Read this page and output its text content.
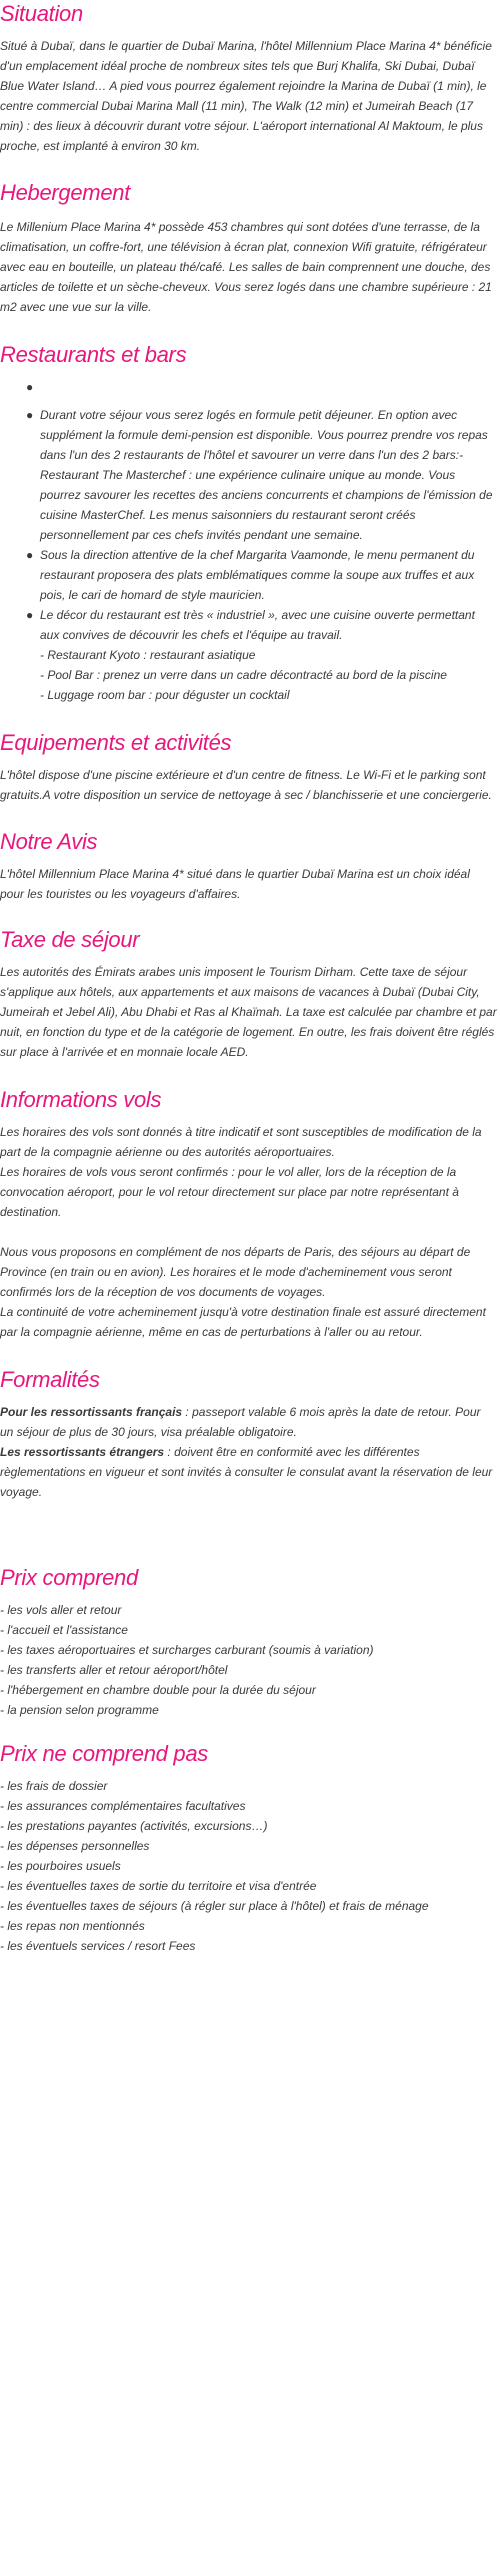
Situation

Situé à Dubaï, dans le quartier de Dubaï Marina, l'hôtel Millennium Place Marina 4* bénéficie d'un emplacement idéal proche de nombreux sites tels que Burj Khalifa, Ski Dubai, Dubaï Blue Water Island… A pied vous pourrez également rejoindre la Marina de Dubaï (1 min), le centre commercial Dubai Marina Mall (11 min), The Walk (12 min) et Jumeirah Beach (17 min) : des lieux à découvrir durant votre séjour. L'aéroport international Al Maktoum, le plus proche, est implanté à environ 30 km.

Hebergement

Le Millenium Place Marina 4* possède 453 chambres qui sont dotées d'une terrasse, de la climatisation, un coffre-fort, une télévision à écran plat, connexion Wifi gratuite, réfrigérateur avec eau en bouteille, un plateau thé/café. Les salles de bain comprennent une douche, des articles de toilette et un sèche-cheveux. Vous serez logés dans une chambre supérieure : 21 m2 avec une vue sur la ville.

Restaurants et bars
●

● Durant votre séjour vous serez logés en formule petit déjeuner. En option avec supplément la formule demi-pension est disponible. Vous pourrez prendre vos repas dans l'un des 2 restaurants de l'hôtel et savourer un verre dans l'un des 2 bars:- Restaurant The Masterchef : une expérience culinaire unique au monde. Vous pourrez savourer les recettes des anciens concurrents et champions de l'émission de cuisine MasterChef. Les menus saisonniers du restaurant seront créés personnellement par ces chefs invités pendant une semaine.
● Sous la direction attentive de la chef Margarita Vaamonde, le menu permanent du restaurant proposera des plats emblématiques comme la soupe aux truffes et aux pois, le cari de homard de style mauricien.
● Le décor du restaurant est très « industriel », avec une cuisine ouverte permettant aux convives de découvrir les chefs et l'équipe au travail.
- Restaurant Kyoto : restaurant asiatique
- Pool Bar : prenez un verre dans un cadre décontracté au bord de la piscine
- Luggage room bar : pour déguster un cocktail
Equipements et activités

L'hôtel dispose d'une piscine extérieure et d'un centre de fitness. Le Wi-Fi et le parking sont gratuits.A votre disposition un service de nettoyage à sec / blanchisserie et une conciergerie.

Notre Avis

L'hôtel Millennium Place Marina 4* situé dans le quartier Dubaï Marina est un choix idéal pour les touristes ou les voyageurs d'affaires.

Taxe de séjour

Les autorités des Émirats arabes unis imposent le Tourism Dirham. Cette taxe de séjour s'applique aux hôtels, aux appartements et aux maisons de vacances à Dubaï (Dubai City, Jumeirah et Jebel Ali), Abu Dhabi et Ras al Khaïmah. La taxe est calculée par chambre et par nuit, en fonction du type et de la catégorie de logement. En outre, les frais doivent être réglés sur place à l'arrivée et en monnaie locale AED.

Informations vols

Les horaires des vols sont donnés à titre indicatif et sont susceptibles de modification de la part de la compagnie aérienne ou des autorités aéroportuaires.

Les horaires de vols vous seront confirmés : pour le vol aller, lors de la réception de la convocation aéroport, pour le vol retour directement sur place par notre représentant à destination.

Nous vous proposons en complément de nos départs de Paris, des séjours au départ de Province (en train ou en avion). Les horaires et le mode d'acheminement vous seront confirmés lors de la réception de vos documents de voyages.

La continuité de votre acheminement jusqu'à votre destination finale est assuré directement par la compagnie aérienne, même en cas de perturbations à l'aller ou au retour.

Formalités

Pour les ressortissants français : passeport valable 6 mois après la date de retour. Pour un séjour de plus de 30 jours, visa préalable obligatoire.

Les ressortissants étrangers : doivent être en conformité avec les différentes règlementations en vigueur et sont invités à consulter le consulat avant la réservation de leur voyage.

Prix comprend

- les vols aller et retour

- l'accueil et l'assistance

- les taxes aéroportuaires et surcharges carburant (soumis à variation)

- les transferts aller et retour aéroport/hôtel

- l'hébergement en chambre double pour la durée du séjour

- la pension selon programme

Prix ne comprend pas

- les frais de dossier

- les assurances complémentaires facultatives

- les prestations payantes (activités, excursions…)

- les dépenses personnelles

- les pourboires usuels

- les éventuelles taxes de sortie du territoire et visa d'entrée

- les éventuelles taxes de séjours (à régler sur place à l'hôtel) et frais de ménage

- les repas non mentionnés

- les éventuels services / resort Fees
